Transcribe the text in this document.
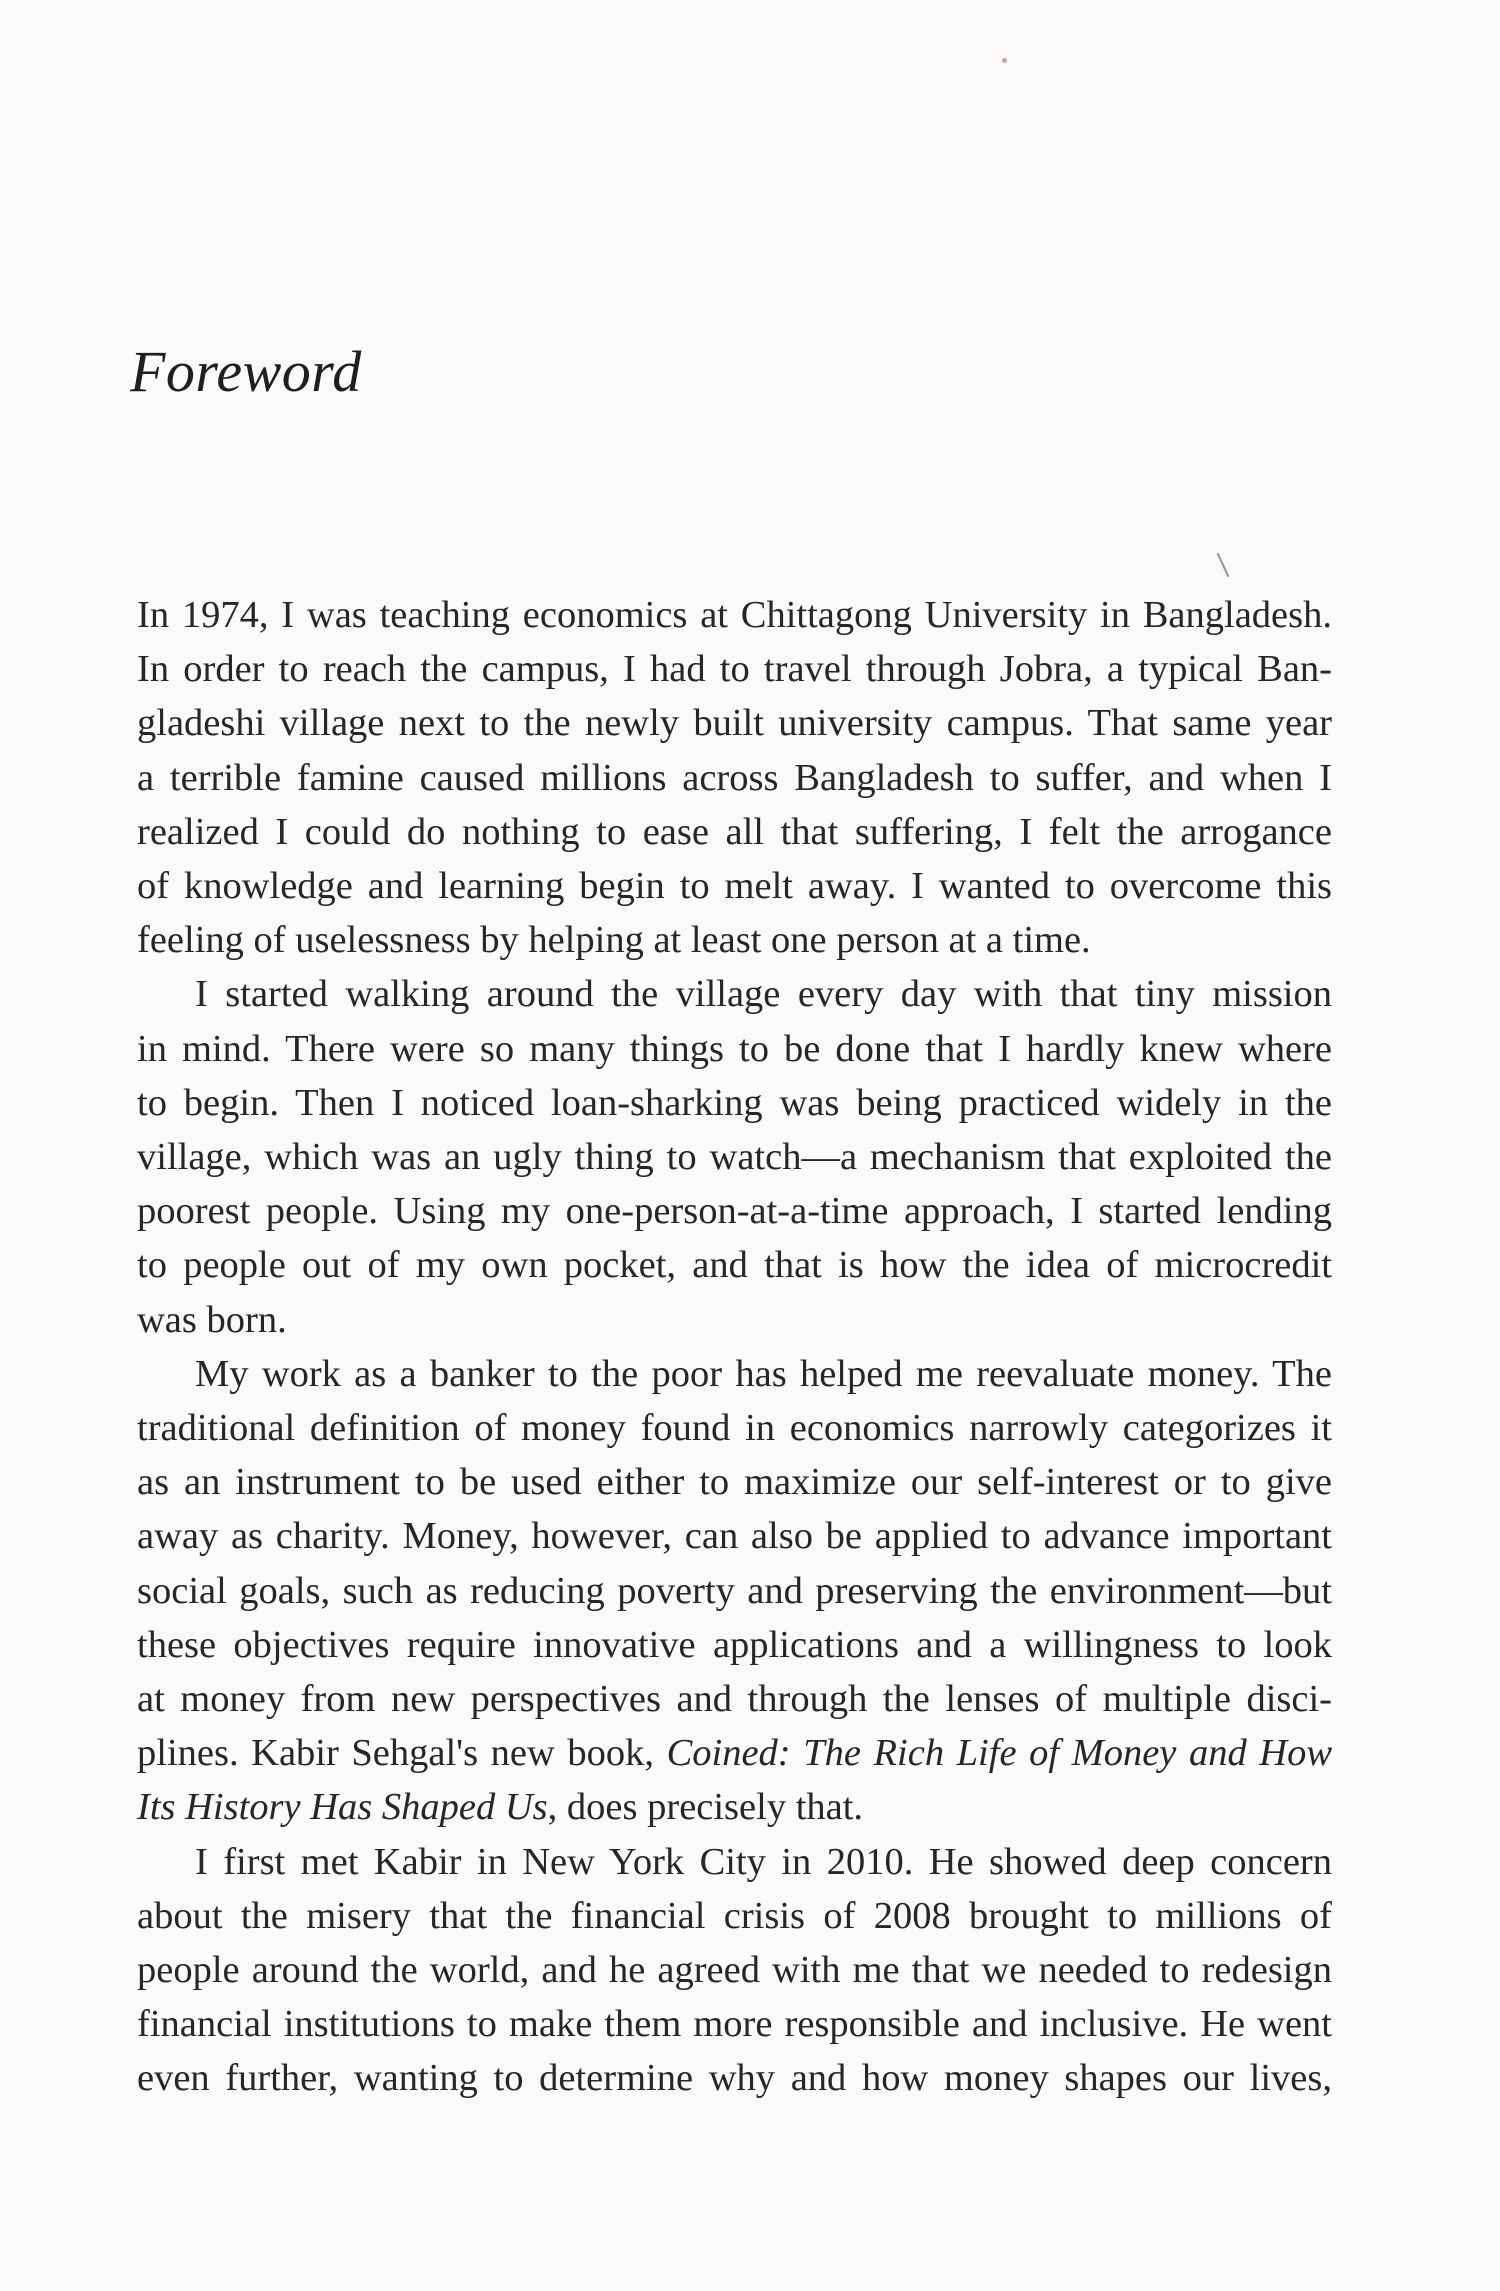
Foreword

In 1974, I was teaching economics at Chittagong University in Bangladesh.
In order to reach the campus, I had to travel through Jobra, a typical Ban-
gladeshi village next to the newly built university campus. That same year
a terrible famine caused millions across Bangladesh to suffer, and when I
realized I could do nothing to ease all that suffering, I felt the arrogance
of knowledge and learning begin to melt away. I wanted to overcome this
feeling of uselessness by helping at least one person at a time.

I started walking around the village every day with that tiny mission
in mind. There were so many things to be done that I hardly knew where
to begin. Then I noticed loan-sharking was being practiced widely in the
village, which was an ugly thing to watch—a mechanism that exploited the
poorest people. Using my one-person-at-a-time approach, I started lending
to people out of my own pocket, and that is how the idea of microcredit
was born.

My work as a banker to the poor has helped me reevaluate money. The
traditional definition of money found in economics narrowly categorizes it
as an instrument to be used either to maximize our self-interest or to give
away as charity. Money, however, can also be applied to advance important
social goals, such as reducing poverty and preserving the environment—but
these objectives require innovative applications and a willingness to look
at money from new perspectives and through the lenses of multiple disci-
plines. Kabir Sehgal's new book, Coined: The Rich Life of Money and How
Its History Has Shaped Us, does precisely that.

I first met Kabir in New York City in 2010. He showed deep concern
about the misery that the financial crisis of 2008 brought to millions of
people around the world, and he agreed with me that we needed to redesign
financial institutions to make them more responsible and inclusive. He went
even further, wanting to determine why and how money shapes our lives,
